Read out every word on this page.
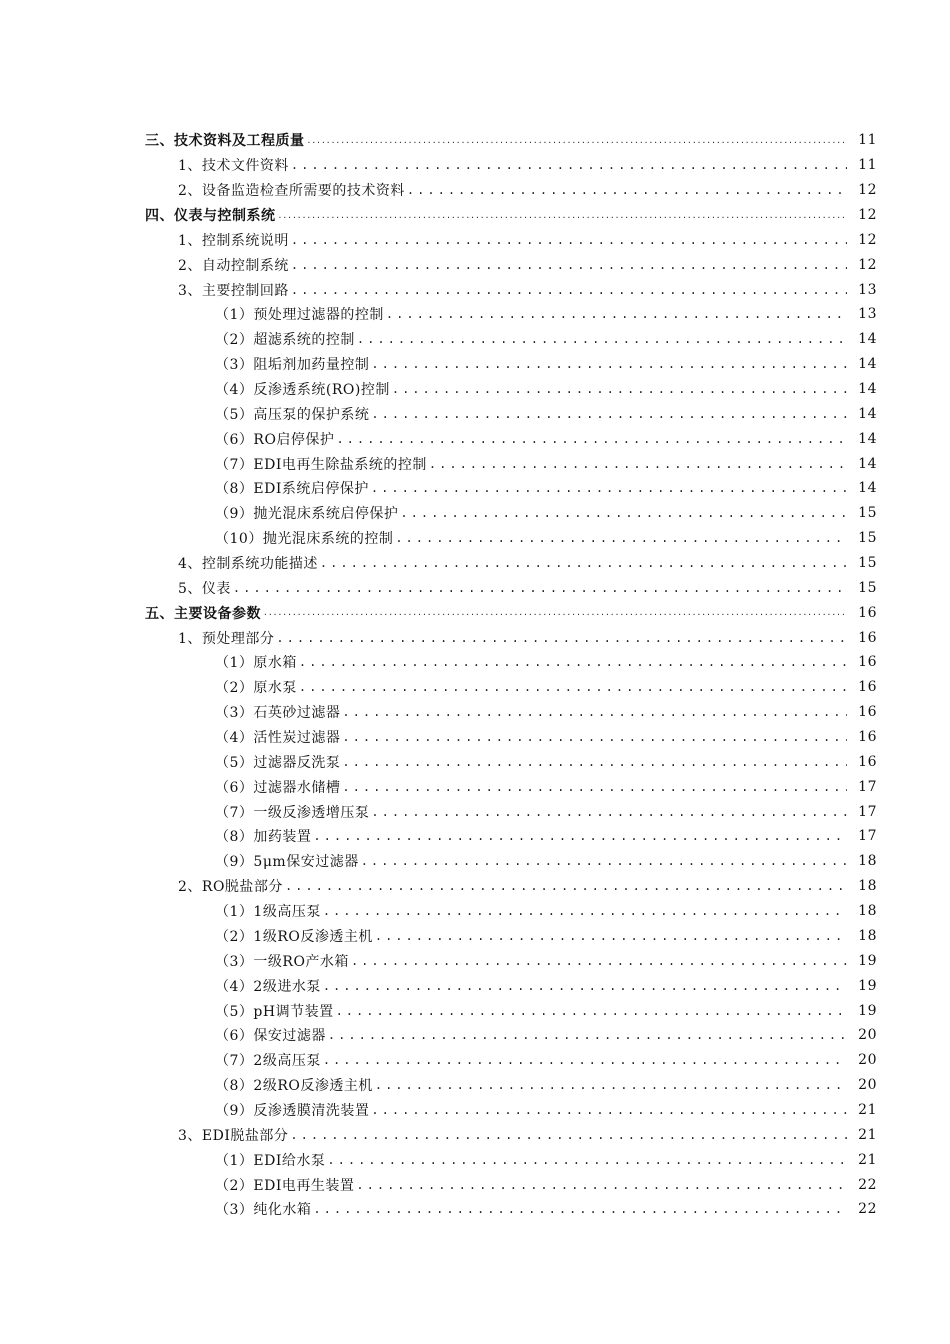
三、技术资料及工程质量 .....	11
1、技术文件资料 .....	11
2、设备监造检查所需要的技术资料 .....	12
四、仪表与控制系统 .....	12
1、控制系统说明 .....	12
2、自动控制系统 .....	12
3、主要控制回路 .....	13
（1）预处理过滤器的控制 .....	13
（2）超滤系统的控制 .....	14
（3）阻垢剂加药量控制 .....	14
（4）反渗透系统(RO)控制 .....	14
（5）高压泵的保护系统 .....	14
（6）RO启停保护 .....	14
（7）EDI电再生除盐系统的控制 .....	14
（8）EDI系统启停保护 .....	14
（9）抛光混床系统启停保护 .....	15
（10）抛光混床系统的控制 .....	15
4、控制系统功能描述 .....	15
5、仪表 .....	15
五、主要设备参数 .....	16
1、预处理部分 .....	16
（1）原水箱 .....	16
（2）原水泵 .....	16
（3）石英砂过滤器 .....	16
（4）活性炭过滤器 .....	16
（5）过滤器反洗泵 .....	16
（6）过滤器水储槽 .....	17
（7）一级反渗透增压泵 .....	17
（8）加药装置 .....	17
（9）5μm保安过滤器 .....	18
2、RO脱盐部分 .....	18
（1）1级高压泵 .....	18
（2）1级RO反渗透主机 .....	18
（3）一级RO产水箱 .....	19
（4）2级进水泵 .....	19
（5）pH调节装置 .....	19
（6）保安过滤器 .....	20
（7）2级高压泵 .....	20
（8）2级RO反渗透主机 .....	20
（9）反渗透膜清洗装置 .....	21
3、EDI脱盐部分 .....	21
（1）EDI给水泵 .....	21
（2）EDI电再生装置 .....	22
（3）纯化水箱 .....	22
